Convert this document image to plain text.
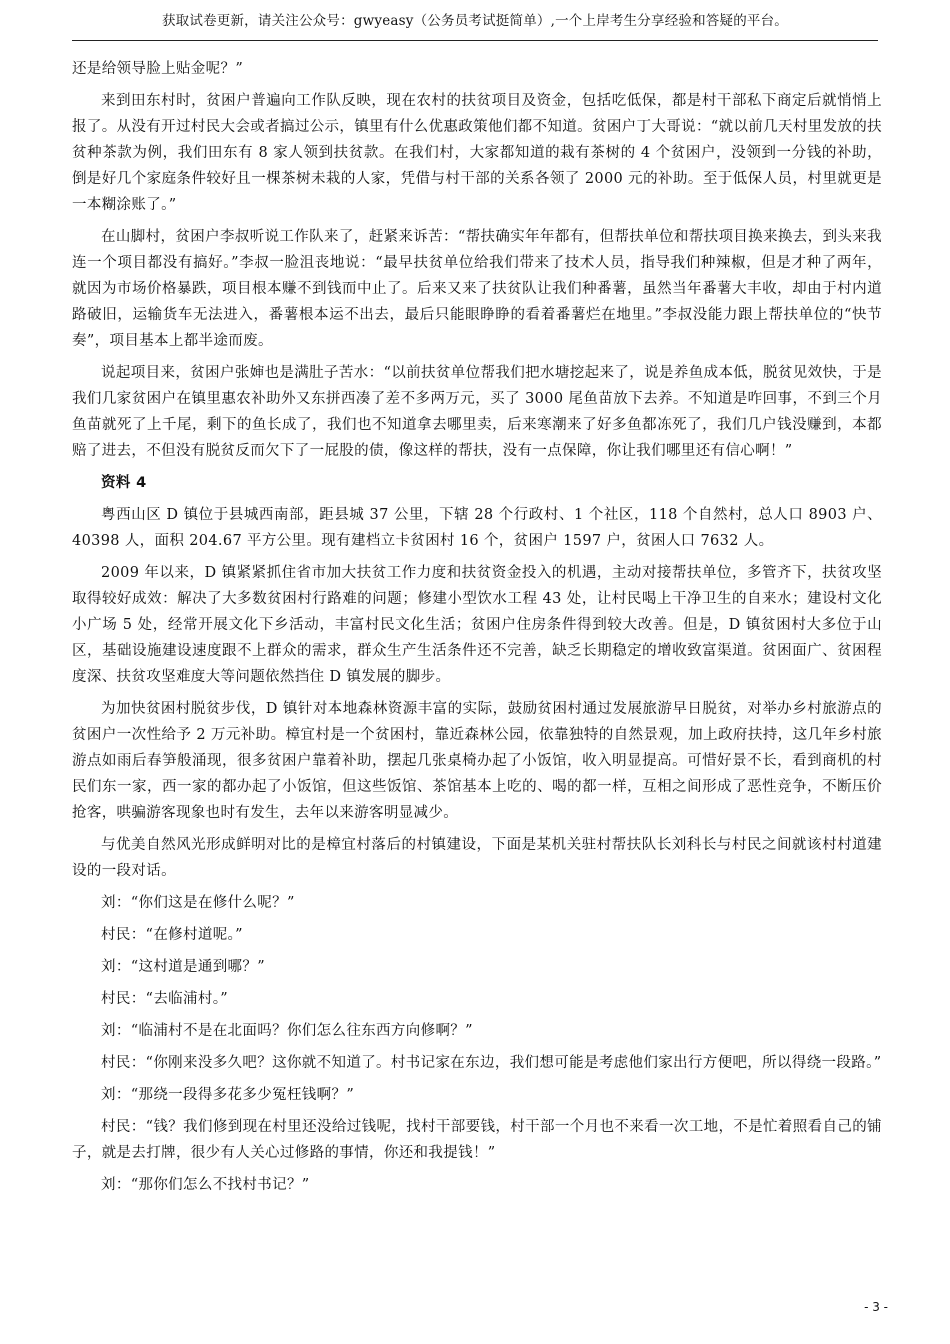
获取试卷更新，请关注公众号：gwyeasy（公务员考试挺简单）,一个上岸考生分享经验和答疑的平台。

还是给领导脸上贴金呢？”

来到田东村时，贫困户普遍向工作队反映，现在农村的扶贫项目及资金，包括吃低保，都是村干部私下商定后就悄悄上报了。从没有开过村民大会或者搞过公示，镇里有什么优惠政策他们都不知道。贫困户丁大哥说：“就以前几天村里发放的扶贫种茶款为例，我们田东有 8 家人领到扶贫款。在我们村，大家都知道的栽有茶树的 4 个贫困户，没领到一分钱的补助，倒是好几个家庭条件较好且一棵茶树未栽的人家，凭借与村干部的关系各领了 2000 元的补助。至于低保人员，村里就更是一本糊涂账了。”

在山脚村，贫困户李叔听说工作队来了，赶紧来诉苦：“帮扶确实年年都有，但帮扶单位和帮扶项目换来换去，到头来我连一个项目都没有搞好。”李叔一脸沮丧地说：“最早扶贫单位给我们带来了技术人员，指导我们种辣椒，但是才种了两年，就因为市场价格暴跌，项目根本赚不到钱而中止了。后来又来了扶贫队让我们种番薯，虽然当年番薯大丰收，却由于村内道路破旧，运输货车无法进入，番薯根本运不出去，最后只能眼睁睁的看着番薯烂在地里。”李叔没能力跟上帮扶单位的“快节奏”，项目基本上都半途而废。

说起项目来，贫困户张婶也是满肚子苦水：“以前扶贫单位帮我们把水塘挖起来了，说是养鱼成本低，脱贫见效快，于是我们几家贫困户在镇里惠农补助外又东拼西凑了差不多两万元，买了 3000 尾鱼苗放下去养。不知道是咋回事，不到三个月鱼苗就死了上千尾，剩下的鱼长成了，我们也不知道拿去哪里卖，后来寒潮来了好多鱼都冻死了，我们几户钱没赚到，本都赔了进去，不但没有脱贫反而欠下了一屁股的债，像这样的帮扶，没有一点保障，你让我们哪里还有信心啊！”

资料 4

粤西山区 D 镇位于县城西南部，距县城 37 公里，下辖 28 个行政村、1 个社区，118 个自然村，总人口 8903 户、40398 人，面积 204.67 平方公里。现有建档立卡贫困村 16 个，贫困户 1597 户，贫困人口 7632 人。

2009 年以来，D 镇紧紧抓住省市加大扶贫工作力度和扶贫资金投入的机遇，主动对接帮扶单位，多管齐下，扶贫攻坚取得较好成效：解决了大多数贫困村行路难的问题；修建小型饮水工程 43 处，让村民喝上干净卫生的自来水；建设村文化小广场 5 处，经常开展文化下乡活动，丰富村民文化生活；贫困户住房条件得到较大改善。但是，D 镇贫困村大多位于山区，基础设施建设速度跟不上群众的需求，群众生产生活条件还不完善，缺乏长期稳定的增收致富渠道。贫困面广、贫困程度深、扶贫攻坚难度大等问题依然挡住 D 镇发展的脚步。

为加快贫困村脱贫步伐，D 镇针对本地森林资源丰富的实际，鼓励贫困村通过发展旅游早日脱贫，对举办乡村旅游点的贫困户一次性给予 2 万元补助。樟宜村是一个贫困村，靠近森林公园，依靠独特的自然景观，加上政府扶持，这几年乡村旅游点如雨后春笋般涌现，很多贫困户靠着补助，摆起几张桌椅办起了小饭馆，收入明显提高。可惜好景不长，看到商机的村民们东一家，西一家的都办起了小饭馆，但这些饭馆、茶馆基本上吃的、喝的都一样，互相之间形成了恶性竞争，不断压价抢客，哄骗游客现象也时有发生，去年以来游客明显减少。

与优美自然风光形成鲜明对比的是樟宜村落后的村镇建设，下面是某机关驻村帮扶队长刘科长与村民之间就该村村道建设的一段对话。

刘：“你们这是在修什么呢？”

村民：“在修村道呢。”

刘：“这村道是通到哪？”

村民：“去临浦村。”

刘：“临浦村不是在北面吗？你们怎么往东西方向修啊？”

村民：“你刚来没多久吧？这你就不知道了。村书记家在东边，我们想可能是考虑他们家出行方便吧，所以得绕一段路。”

刘：“那绕一段得多花多少冤枉钱啊？”

村民：“钱？我们修到现在村里还没给过钱呢，找村干部要钱，村干部一个月也不来看一次工地，不是忙着照看自己的铺子，就是去打牌，很少有人关心过修路的事情，你还和我提钱！”

刘：“那你们怎么不找村书记？”

- 3 -
